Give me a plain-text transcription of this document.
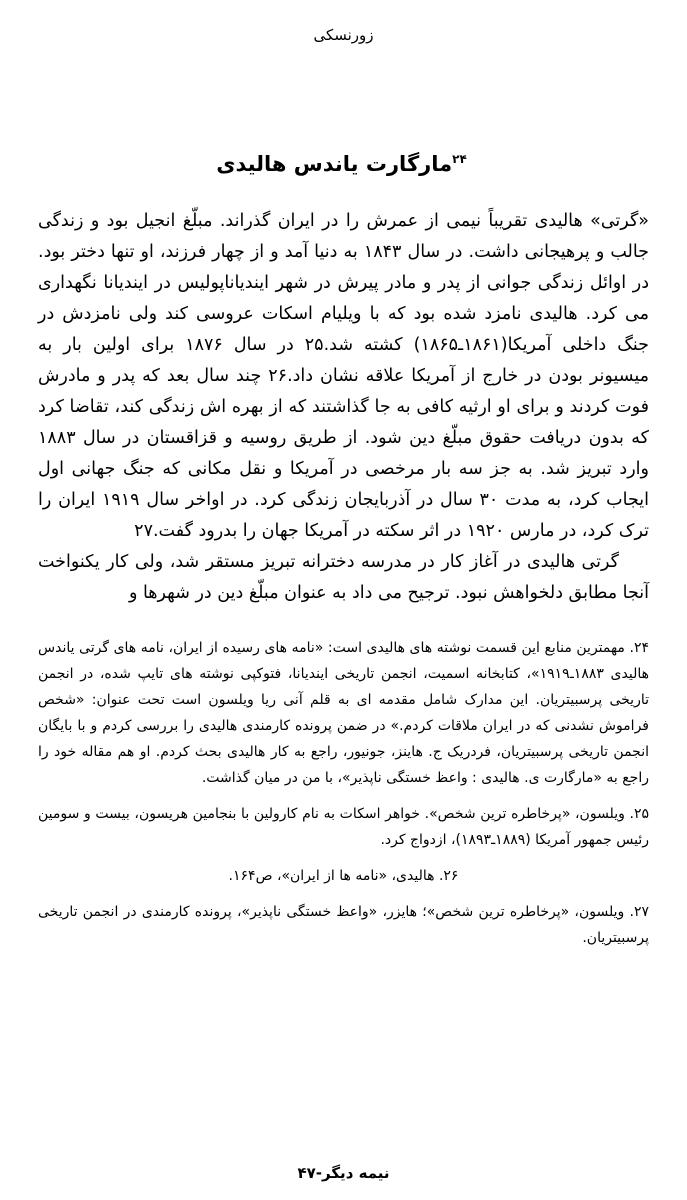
زورنسکی
$^{۲۴}$مارگارت یاندس هالیدی

«گرتی» هالیدی تقریباً نیمی از عمرش را در ایران گذراند. مبلّغ انجیل بود و زندگی جالب و پرهیجانی داشت. در سال ۱۸۴۳ به دنیا آمد و از چهار فرزند، او تنها دختر بود. در اوائل زندگی جوانی از پدر و مادر پیرش در شهر ایندیاناپولیس در ایندیانا نگهداری می کرد. هالیدی نامزد شده بود که با ویلیام اسکات عروسی کند ولی نامزدش در جنگ داخلی آمریکا(۱۸۶۱ـ۱۸۶۵) کشته شد.۲۵ در سال ۱۸۷۶ برای اولین بار به میسیونر بودن در خارج از آمریکا علاقه نشان داد.۲۶ چند سال بعد که پدر و مادرش فوت کردند و برای او ارثیه کافی به جا گذاشتند که از بهره اش زندگی کند، تقاضا کرد که بدون دریافت حقوق مبلّغ دین شود. از طریق روسیه و قزاقستان در سال ۱۸۸۳ وارد تبریز شد. به جز سه بار مرخصی در آمریکا و نقل مکانی که جنگ جهانی اول ایجاب کرد، به مدت ۳۰ سال در آذربایجان زندگی کرد. در اواخر سال ۱۹۱۹ ایران را ترک کرد، در مارس ۱۹۲۰ در اثر سکته در آمریکا جهان را بدرود گفت.۲۷

گرتی هالیدی در آغاز کار در مدرسه دخترانه تبریز مستقر شد، ولی کار یکنواخت آنجا مطابق دلخواهش نبود. ترجیح می داد به عنوان مبلّغ دین در شهرها و

۲۴. مهمترین منابع این قسمت نوشته های هالیدی است: «نامه های رسیده از ایران، نامه های گرتی یاندس هالیدی ۱۸۸۳ـ۱۹۱۹»، کتابخانه اسمیت، انجمن تاریخی ایندیانا، فتوکپی نوشته های تایپ شده، در انجمن تاریخی پرسبیتریان. این مدارک شامل مقدمه ای به قلم آنی ریا ویلسون است تحت عنوان: «شخص فراموش نشدنی که در ایران ملاقات کردم.» در ضمن پرونده کارمندی هالیدی را بررسی کردم و با بایگان انجمن تاریخی پرسبیتریان، فردریک ج. هاینز، جونیور، راجع به کار هالیدی بحث کردم. او هم مقاله خود را راجع به «مارگارت ی. هالیدی : واعظ خستگی ناپذیر»، با من در میان گذاشت.

۲۵. ویلسون، «پرخاطره ترین شخص». خواهر اسکات به نام کارولین با بنجامین هریسون، بیست و سومین رئیس جمهور آمریکا (۱۸۸۹ـ۱۸۹۳)، ازدواج کرد.

۲۶. هالیدی، «نامه ها از ایران»، ص۱۶۴.

۲۷. ویلسون، «پرخاطره ترین شخص»؛ هایزر، «واعظ خستگی ناپذیر»، پرونده کارمندی در انجمن تاریخی پرسبیتریان.

نیمه دیگر-۴۷
